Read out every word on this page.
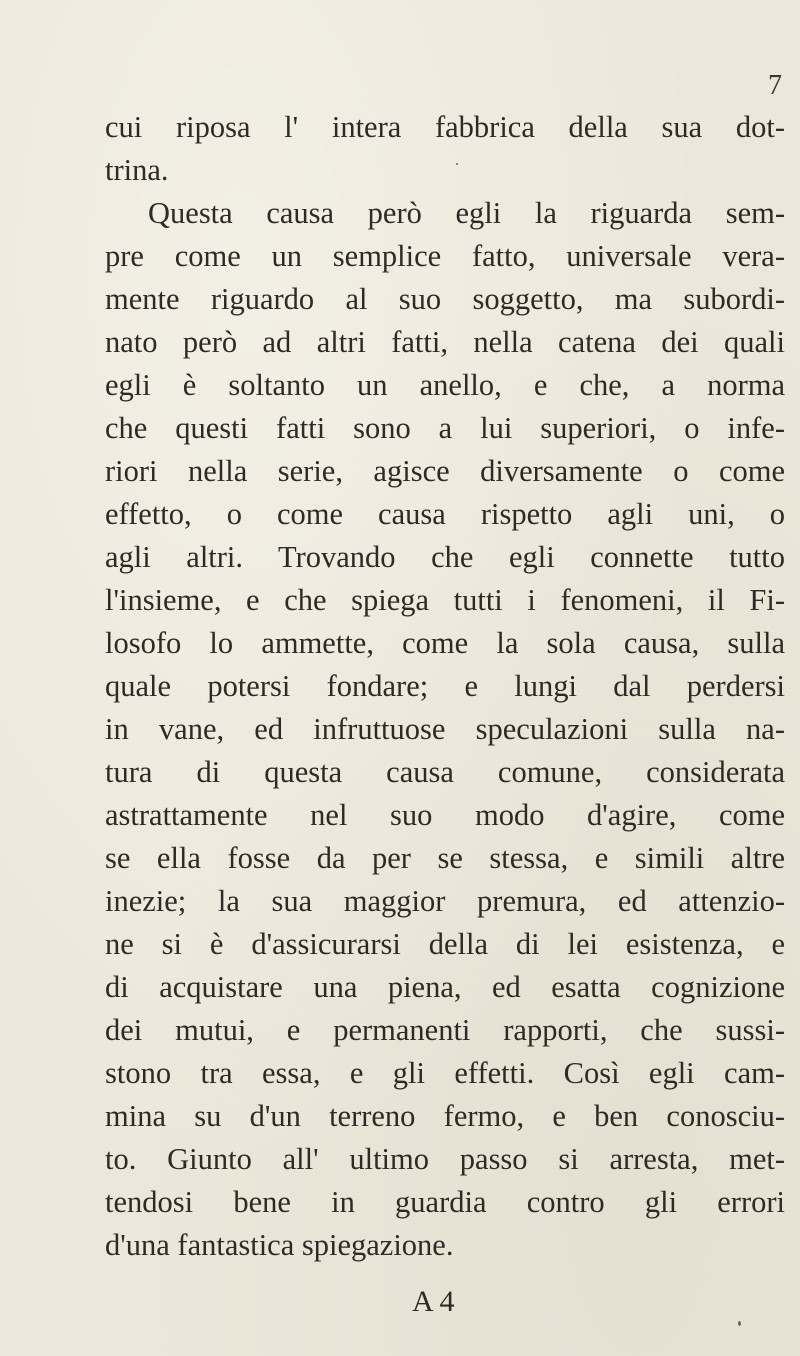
7
cui riposa l' intera fabbrica della sua dot-
trina.
Questa causa però egli la riguarda sem-
pre come un semplice fatto, universale vera-
mente riguardo al suo soggetto, ma subordi-
nato però ad altri fatti, nella catena dei quali
egli è soltanto un anello, e che, a norma
che questi fatti sono a lui superiori, o infe-
riori nella serie, agisce diversamente o come
effetto, o come causa rispetto agli uni, o
agli altri. Trovando che egli connette tutto
l'insieme, e che spiega tutti i fenomeni, il Fi-
losofo lo ammette, come la sola causa, sulla
quale potersi fondare; e lungi dal perdersi
in vane, ed infruttuose speculazioni sulla na-
tura di questa causa comune, considerata
astrattamente nel suo modo d'agire, come
se ella fosse da per se stessa, e simili altre
inezie; la sua maggior premura, ed attenzio-
ne si è d'assicurarsi della di lei esistenza, e
di acquistare una piena, ed esatta cognizione
dei mutui, e permanenti rapporti, che sussi-
stono tra essa, e gli effetti. Così egli cam-
mina su d'un terreno fermo, e ben conosciu-
to. Giunto all' ultimo passo si arresta, met-
tendosi bene in guardia contro gli errori
d'una fantastica spiegazione.
A 4
